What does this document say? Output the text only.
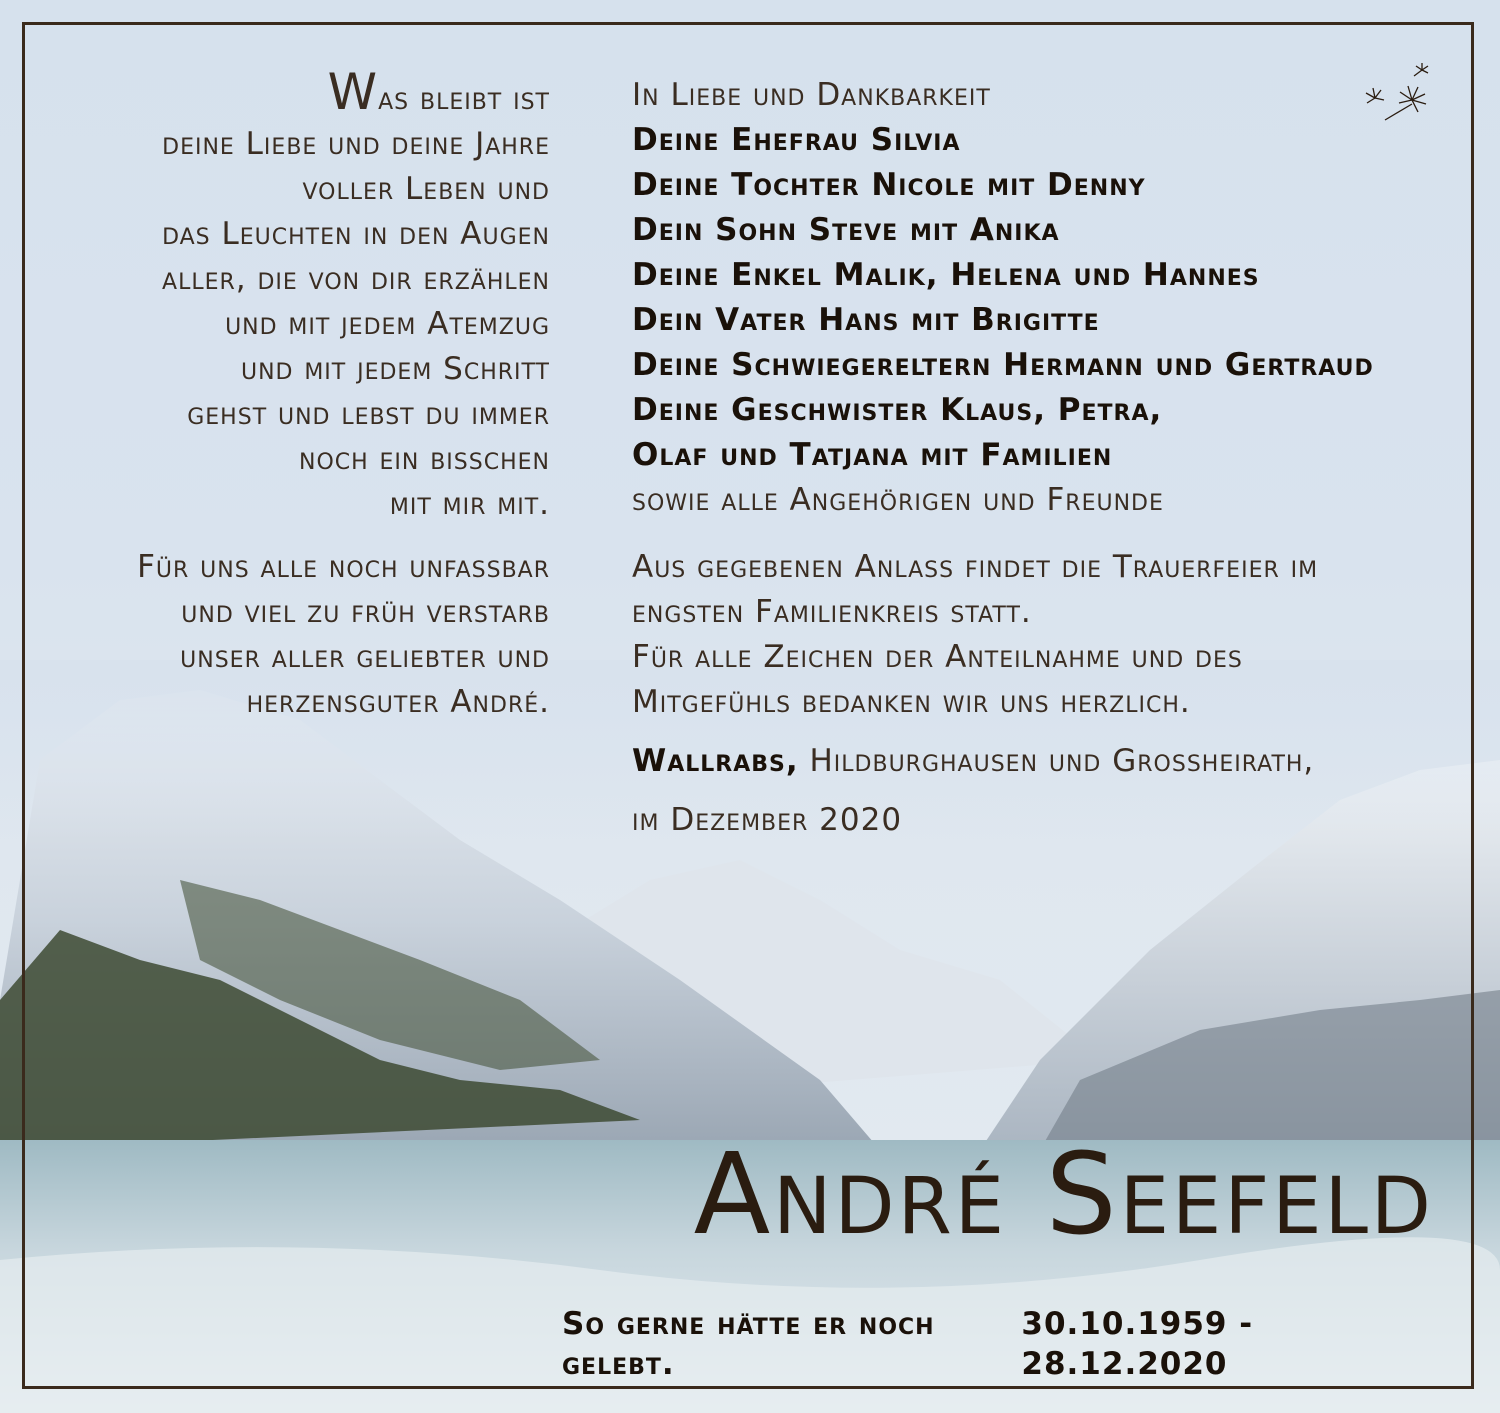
Was bleibt ist

deine Liebe und deine Jahre

voller Leben und

das Leuchten in den Augen

aller, die von dir erzählen

und mit jedem Atemzug

und mit jedem Schritt

gehst und lebst du immer

noch ein bisschen

mit mir mit.

Für uns alle noch unfassbar

und viel zu früh verstarb

unser aller geliebter und

herzensguter André.

In Liebe und Dankbarkeit

Deine Ehefrau Silvia

Deine Tochter Nicole mit Denny

Dein Sohn Steve mit Anika

Deine Enkel Malik, Helena und Hannes

Dein Vater Hans mit Brigitte

Deine Schwiegereltern Hermann und Gertraud

Deine Geschwister Klaus, Petra,

Olaf und Tatjana mit Familien

sowie alle Angehörigen und Freunde

Aus gegebenen Anlass findet die Trauerfeier im

engsten Familienkreis statt.

Für alle Zeichen der Anteilnahme und des

Mitgefühls bedanken wir uns herzlich.

Wallrabs, Hildburghausen und Grossheirath,

im Dezember 2020

André Seefeld
So gerne hätte er noch gelebt.
30.10.1959 - 28.12.2020
